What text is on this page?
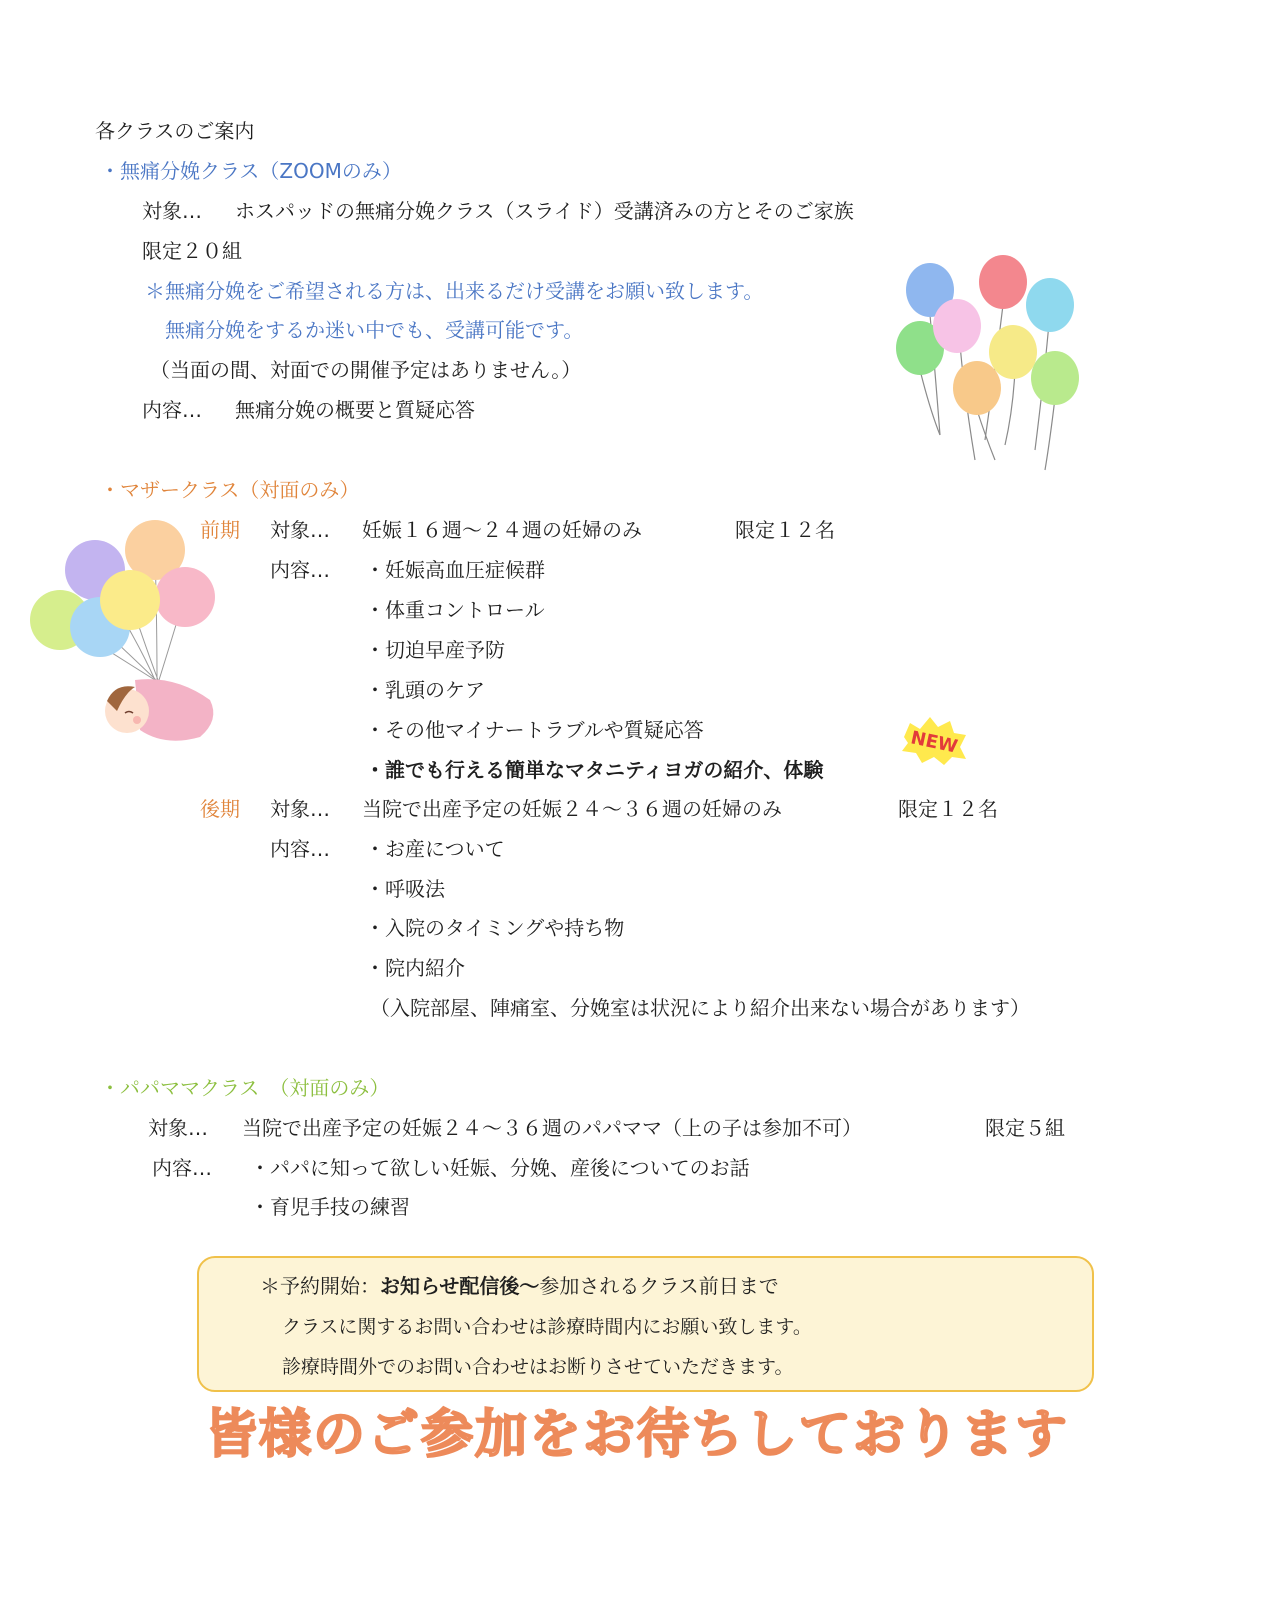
各クラスのご案内
・無痛分娩クラス（ZOOMのみ）
対象… ホスパッドの無痛分娩クラス（スライド）受講済みの方とそのご家族
限定２０組
＊無痛分娩をご希望される方は、出来るだけ受講をお願い致します。
無痛分娩をするか迷い中でも、受講可能です。
（当面の間、対面での開催予定はありません。）
内容… 無痛分娩の概要と質疑応答
・マザークラス（対面のみ）
前期 対象… 妊娠１６週～２４週の妊婦のみ	限定１２名
内容… ・妊娠高血圧症候群
・体重コントロール
・切迫早産予防
・乳頭のケア
・その他マイナートラブルや質疑応答
・誰でも行える簡単なマタニティヨガの紹介、体験
NEW
後期 対象… 当院で出産予定の妊娠２４～３６週の妊婦のみ	限定１２名
内容… ・お産について
・呼吸法
・入院のタイミングや持ち物
・院内紹介
（入院部屋、陣痛室、分娩室は状況により紹介出来ない場合があります）
・パパママクラス　（対面のみ）
対象… 当院で出産予定の妊娠２４～３６週のパパママ（上の子は参加不可）	限定５組
内容… ・パパに知って欲しい妊娠、分娩、産後についてのお話
・育児手技の練習
＊予約開始：お知らせ配信後～参加されるクラス前日まで
クラスに関するお問い合わせは診療時間内にお願い致します。
診療時間外でのお問い合わせはお断りさせていただきます。
皆様のご参加をお待ちしております
